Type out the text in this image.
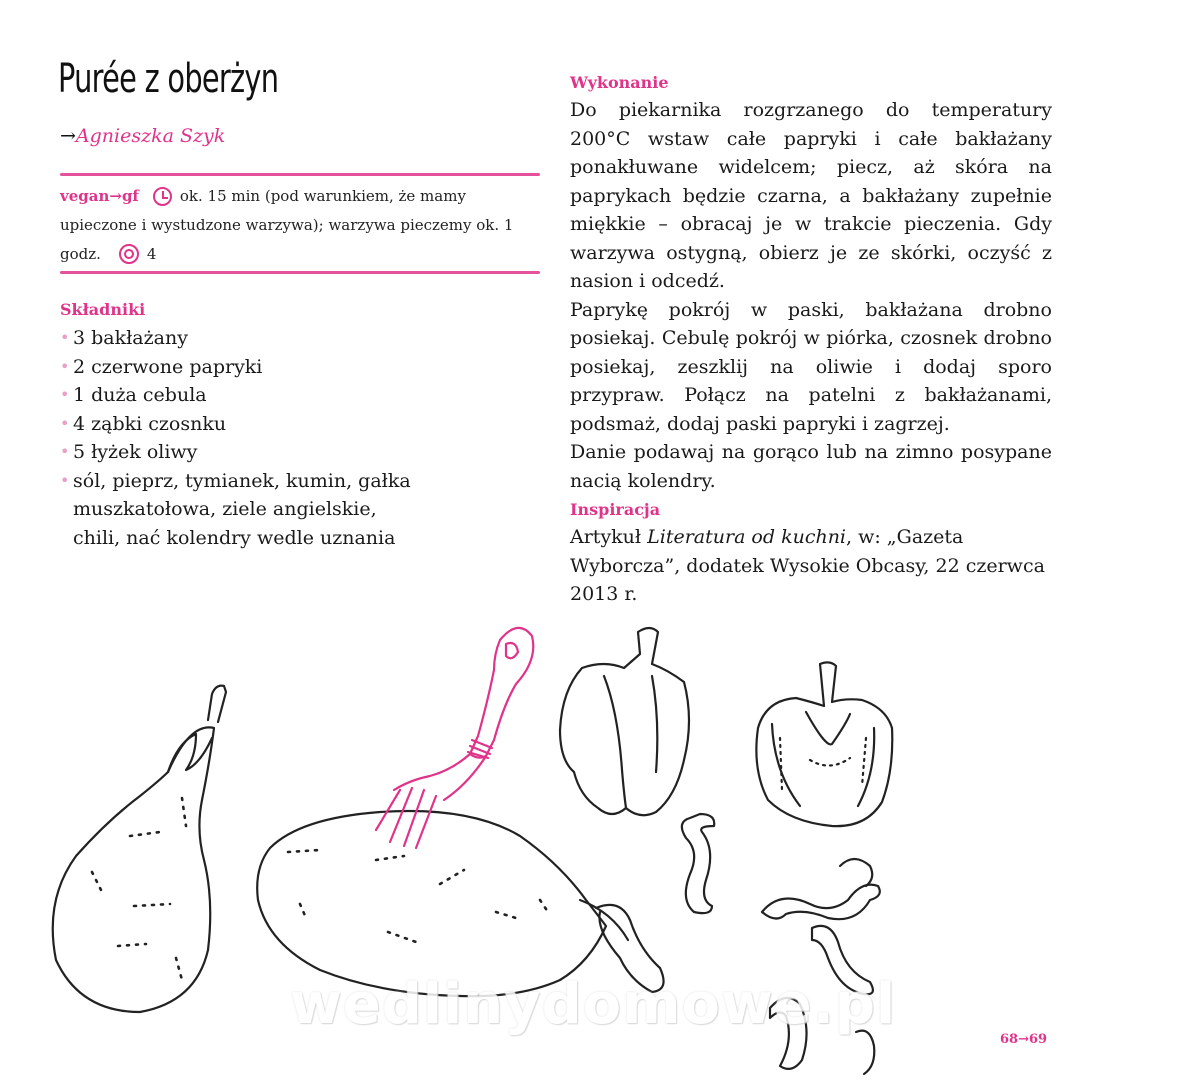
Purée z oberżyn
→Agnieszka Szyk
vegan→gf	ok. 15 min (pod warunkiem, że mamy upieczone i wystudzone warzywa); warzywa pieczemy ok. 1 godz.	4
Składniki
• 3 bakłażany
• 2 czerwone papryki
• 1 duża cebula
• 4 ząbki czosnku
• 5 łyżek oliwy
• sól, pieprz, tymianek, kumin, gałka muszkatołowa, ziele angielskie, chili, nać kolendry wedle uznania
Wykonanie

Do piekarnika rozgrzanego do temperatury 200°C wstaw całe papryki i całe bakłażany ponakłuwane widelcem; piecz, aż skóra na paprykach będzie czarna, a bakłażany zupełnie miękkie – obracaj je w trakcie pieczenia. Gdy warzywa ostygną, obierz je ze skórki, oczyść z nasion i odcedź.

Paprykę pokrój w paski, bakłażana drobno posiekaj. Cebulę pokrój w piórka, czosnek drobno posiekaj, zeszklij na oliwie i dodaj sporo przypraw. Połącz na patelni z bakłażanami, podsmaż, dodaj paski papryki i zagrzej.

Danie podawaj na gorąco lub na zimno posypane nacią kolendry.

Inspiracja
Artykuł Literatura od kuchni, w: „Gazeta Wyborcza”, dodatek Wysokie Obcasy, 22 czerwca 2013 r.
wedlinydomowe.pl
68→69
